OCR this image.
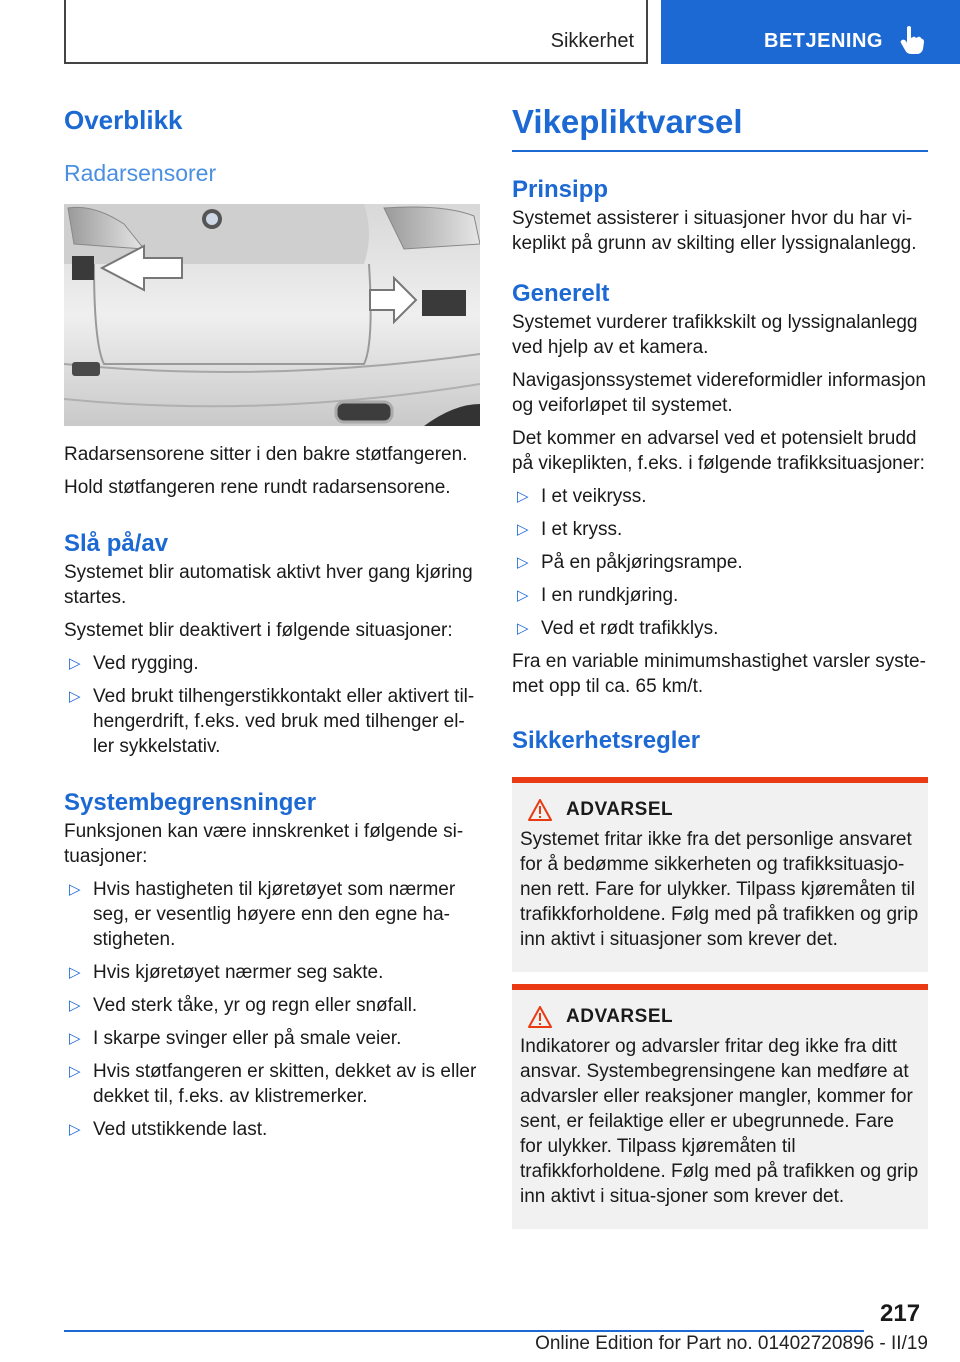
Sikkerhet	BETJENING
Overblikk
Radarsensorer

Radarsensorene sitter i den bakre støtfangeren.

Hold støtfangeren rene rundt radarsensorene.

Slå på/av

Systemet blir automatisk aktivt hver gang kjøring startes.

Systemet blir deaktivert i følgende situasjoner:

▷ Ved rygging.
▷ Ved brukt tilhengerstikkontakt eller aktivert til-hengerdrift, f.eks. ved bruk med tilhenger el-ler sykkelstativ.
Systembegrensninger

Funksjonen kan være innskrenket i følgende si-tuasjoner:

▷ Hvis hastigheten til kjøretøyet som nærmer seg, er vesentlig høyere enn den egne ha-stigheten.
▷ Hvis kjøretøyet nærmer seg sakte.
▷ Ved sterk tåke, yr og regn eller snøfall.
▷ I skarpe svinger eller på smale veier.
▷ Hvis støtfangeren er skitten, dekket av is eller dekket til, f.eks. av klistremerker.
▷ Ved utstikkende last.
Vikepliktvarsel
Prinsipp

Systemet assisterer i situasjoner hvor du har vi-keplikt på grunn av skilting eller lyssignalanlegg.

Generelt

Systemet vurderer trafikkskilt og lyssignalanlegg ved hjelp av et kamera.

Navigasjonssystemet videreformidler informasjon og veiforløpet til systemet.

Det kommer en advarsel ved et potensielt brudd på vikeplikten, f.eks. i følgende trafikksituasjoner:

▷ I et veikryss.
▷ I et kryss.
▷ På en påkjøringsrampe.
▷ I en rundkjøring.
▷ Ved et rødt trafikklys.

Fra en variable minimumshastighet varsler syste-met opp til ca. 65 km/t.

Sikkerhetsregler
ADVARSEL

Systemet fritar ikke fra det personlige ansvaret for å bedømme sikkerheten og trafikksituasjo-nen rett. Fare for ulykker. Tilpass kjøremåten til trafikkforholdene. Følg med på trafikken og grip inn aktivt i situasjoner som krever det.

ADVARSEL

Indikatorer og advarsler fritar deg ikke fra ditt ansvar. Systembegrensingene kan medføre at advarsler eller reaksjoner mangler, kommer for sent, er feilaktige eller er ubegrunnede. Fare for ulykker. Tilpass kjøremåten til trafikkforholdene. Følg med på trafikken og grip inn aktivt i situa-sjoner som krever det.

217
Online Edition for Part no. 01402720896 - II/19
